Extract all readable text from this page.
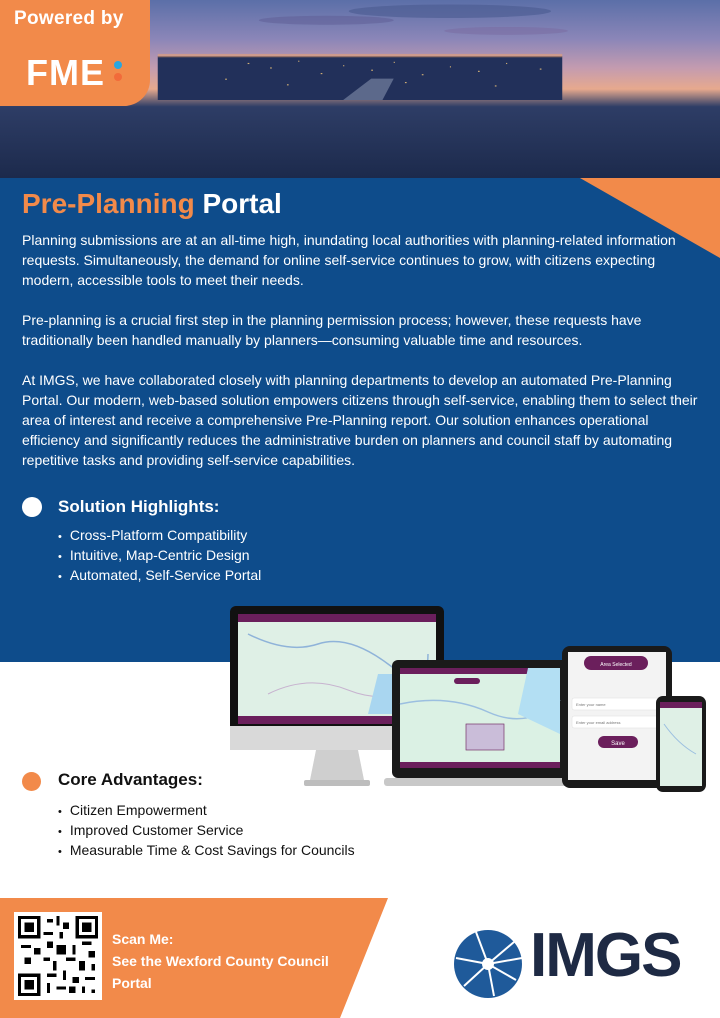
Powered by
FME
Pre-Planning Portal

Planning submissions are at an all-time high, inundating local authorities with planning-related information requests. Simultaneously, the demand for online self-service continues to grow, with citizens expecting modern, accessible tools to meet their needs.

Pre-planning is a crucial first step in the planning permission process; however, these requests have traditionally been handled manually by planners—consuming valuable time and resources.

At IMGS, we have collaborated closely with planning departments to develop an automated Pre-Planning Portal. Our modern, web-based solution empowers citizens through self-service, enabling them to select their area of interest and receive a comprehensive Pre-Planning report. Our solution enhances operational efficiency and significantly reduces the administrative burden on planners and council staff by automating repetitive tasks and providing self-service capabilities.

Solution Highlights:
• Cross-Platform Compatibility
• Intuitive, Map-Centric Design
• Automated, Self-Service Portal
Area Selected
Enter your name
Enter your email address
Save
Core Advantages:
• Citizen Empowerment
• Improved Customer Service
• Measurable Time & Cost Savings for Councils
Scan Me:
See the Wexford County Council Portal	IMGS
